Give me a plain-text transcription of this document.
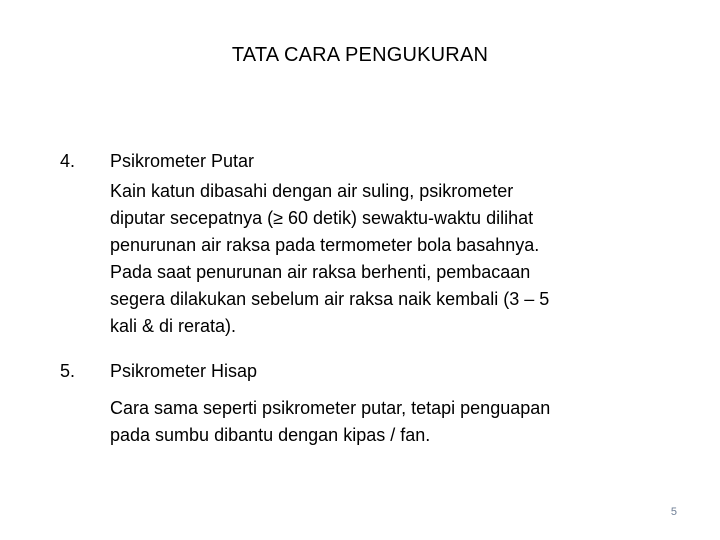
TATA CARA PENGUKURAN
4. Psikrometer Putar
Kain katun dibasahi dengan air suling, psikrometer
diputar secepatnya (≥ 60 detik) sewaktu-waktu dilihat
penurunan air raksa pada termometer bola basahnya.
Pada saat penurunan air raksa berhenti, pembacaan
segera dilakukan sebelum air raksa naik kembali (3 – 5
kali & di rerata).
5. Psikrometer Hisap
Cara sama seperti psikrometer putar, tetapi penguapan
pada sumbu dibantu dengan kipas / fan.
5
